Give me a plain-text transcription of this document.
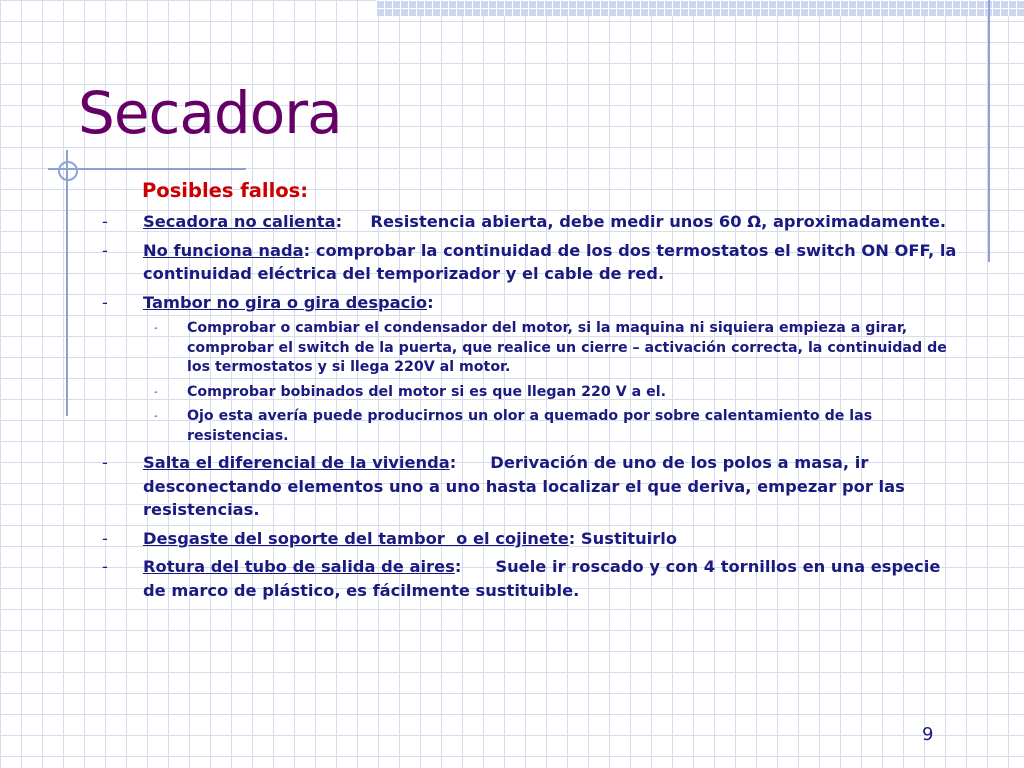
Secadora
Posibles fallos:
- Secadora no calienta:     Resistencia abierta, debe medir unos 60 Ω, aproximadamente.
- No funciona nada: comprobar la continuidad de los dos termostatos el switch ON OFF, la continuidad eléctrica del temporizador y el cable de red.
- Tambor no gira o gira despacio:
- Comprobar o cambiar el condensador del motor, si la maquina ni siquiera empieza a girar, comprobar el switch de la puerta, que realice un cierre – activación correcta, la continuidad de los termostatos y si llega 220V al motor.
- Comprobar bobinados del motor si es que llegan 220 V a el.
- Ojo esta avería puede producirnos un olor a quemado por sobre calentamiento de las resistencias.
- Salta el diferencial de la vivienda:      Derivación de uno de los polos a masa, ir desconectando elementos uno a uno hasta localizar el que deriva, empezar por las resistencias.
- Desgaste del soporte del tambor  o el cojinete: Sustituirlo
- Rotura del tubo de salida de aires:      Suele ir roscado y con 4 tornillos en una especie de marco de plástico, es fácilmente sustituible.
9
